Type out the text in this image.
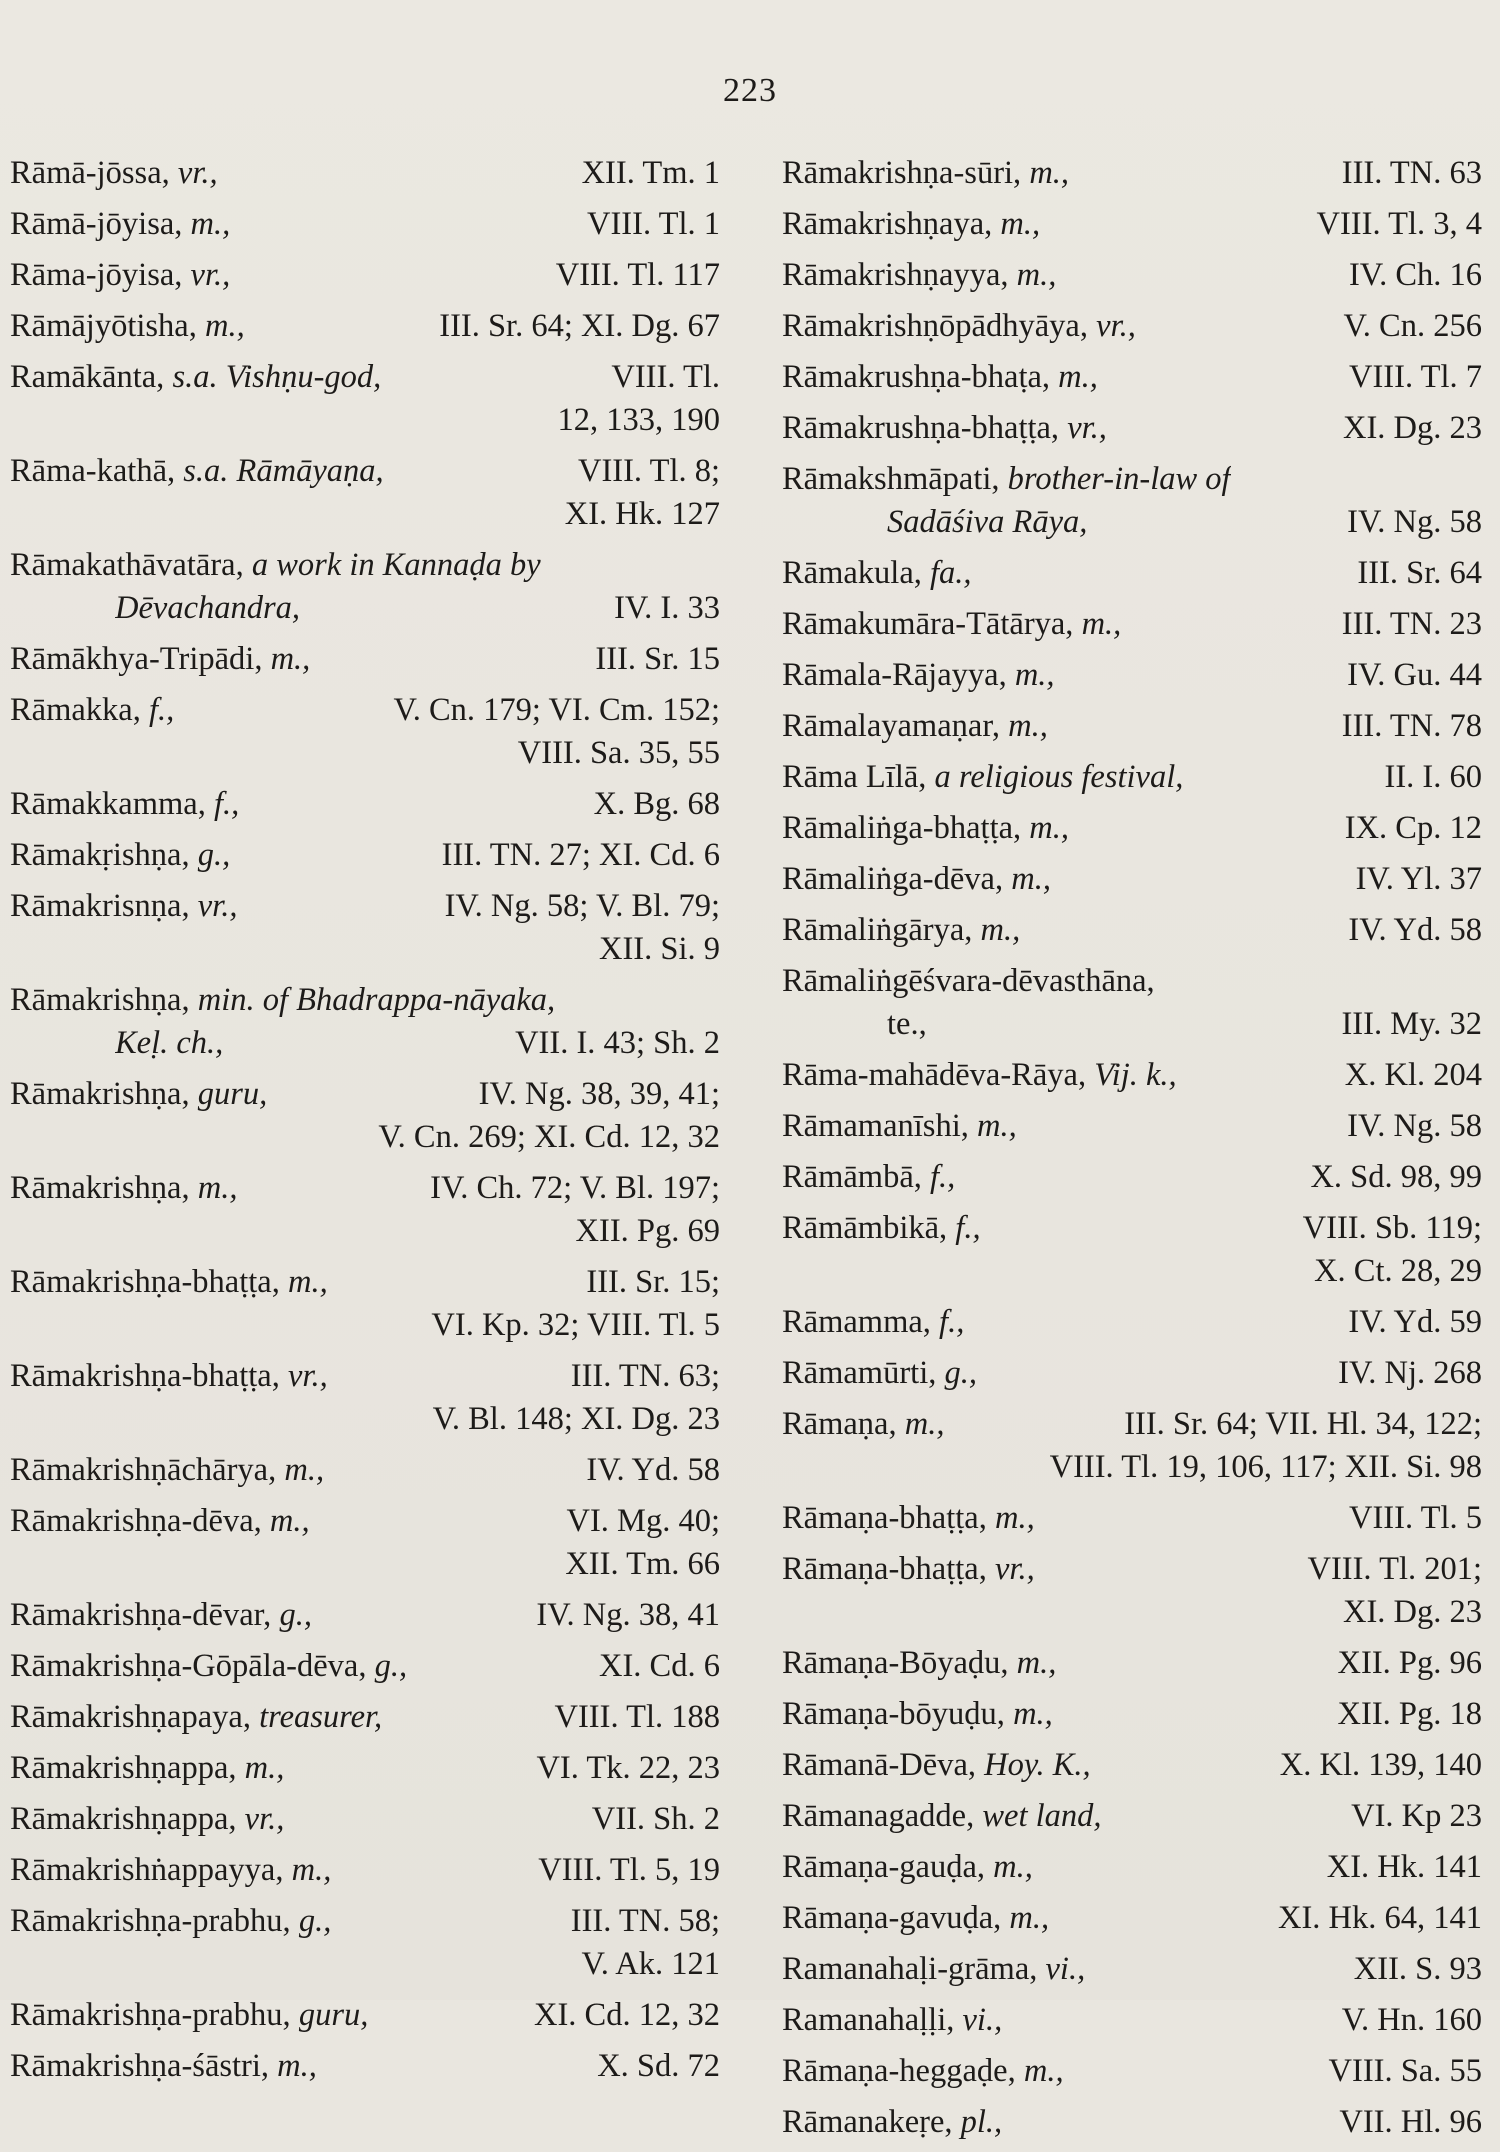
223
Rāmā-jōssa, vr.,	XII. Tm. 1
Rāmā-jōyisa, m.,	VIII. Tl. 1
Rāma-jōyisa, vr.,	VIII. Tl. 117
Rāmājyōtisha, m.,	III. Sr. 64; XI. Dg. 67
Ramākānta, s.a. Vishṇu-god,	VIII. Tl.
12, 133, 190
Rāma-kathā, s.a. Rāmāyaṇa,	VIII. Tl. 8;
XI. Hk. 127
Rāmakathāvatāra, a work in Kannaḍa by
Dēvachandra,	IV. I. 33
Rāmākhya-Tripādi, m.,	III. Sr. 15
Rāmakka, f.,	V. Cn. 179; VI. Cm. 152;
VIII. Sa. 35, 55
Rāmakkamma, f.,	X. Bg. 68
Rāmakṛishṇa, g.,	III. TN. 27; XI. Cd. 6
Rāmakrisnṇa, vr.,	IV. Ng. 58; V. Bl. 79;
XII. Si. 9
Rāmakrishṇa, min. of Bhadrappa-nāyaka,
Keḷ. ch.,	VII. I. 43; Sh. 2
Rāmakrishṇa, guru,	IV. Ng. 38, 39, 41;
V. Cn. 269; XI. Cd. 12, 32
Rāmakrishṇa, m.,	IV. Ch. 72; V. Bl. 197;
XII. Pg. 69
Rāmakrishṇa-bhaṭṭa, m.,	III. Sr. 15;
VI. Kp. 32; VIII. Tl. 5
Rāmakrishṇa-bhaṭṭa, vr.,	III. TN. 63;
V. Bl. 148; XI. Dg. 23
Rāmakrishṇāchārya, m.,	IV. Yd. 58
Rāmakrishṇa-dēva, m.,	VI. Mg. 40;
XII. Tm. 66
Rāmakrishṇa-dēvar, g.,	IV. Ng. 38, 41
Rāmakrishṇa-Gōpāla-dēva, g.,	XI. Cd. 6
Rāmakrishṇapaya, treasurer,	VIII. Tl. 188
Rāmakrishṇappa, m.,	VI. Tk. 22, 23
Rāmakrishṇappa, vr.,	VII. Sh. 2
Rāmakrishṅappayya, m.,	VIII. Tl. 5, 19
Rāmakrishṇa-prabhu, g.,	III. TN. 58;
V. Ak. 121
Rāmakrishṇa-prabhu, guru,	XI. Cd. 12, 32
Rāmakrishṇa-śāstri, m.,	X. Sd. 72
Rāmakrishṇa-sūri, m.,	III. TN. 63
Rāmakrishṇaya, m.,	VIII. Tl. 3, 4
Rāmakrishṇayya, m.,	IV. Ch. 16
Rāmakrishṇōpādhyāya, vr.,	V. Cn. 256
Rāmakrushṇa-bhaṭa, m.,	VIII. Tl. 7
Rāmakrushṇa-bhaṭṭa, vr.,	XI. Dg. 23
Rāmakshmāpati, brother-in-law of
Sadāśiva Rāya,	IV. Ng. 58
Rāmakula, fa.,	III. Sr. 64
Rāmakumāra-Tātārya, m.,	III. TN. 23
Rāmala-Rājayya, m.,	IV. Gu. 44
Rāmalayamaṇar, m.,	III. TN. 78
Rāma Līlā, a religious festival,	II. I. 60
Rāmaliṅga-bhaṭṭa, m.,	IX. Cp. 12
Rāmaliṅga-dēva, m.,	IV. Yl. 37
Rāmaliṅgārya, m.,	IV. Yd. 58
Rāmaliṅgēśvara-dēvasthāna,
te.,	III. My. 32
Rāma-mahādēva-Rāya, Vij. k.,	X. Kl. 204
Rāmamanīshi, m.,	IV. Ng. 58
Rāmāmbā, f.,	X. Sd. 98, 99
Rāmāmbikā, f.,	VIII. Sb. 119;
X. Ct. 28, 29
Rāmamma, f.,	IV. Yd. 59
Rāmamūrti, g.,	IV. Nj. 268
Rāmaṇa, m.,	III. Sr. 64; VII. Hl. 34, 122;
VIII. Tl. 19, 106, 117; XII. Si. 98
Rāmaṇa-bhaṭṭa, m.,	VIII. Tl. 5
Rāmaṇa-bhaṭṭa, vr.,	VIII. Tl. 201;
XI. Dg. 23
Rāmaṇa-Bōyaḍu, m.,	XII. Pg. 96
Rāmaṇa-bōyuḍu, m.,	XII. Pg. 18
Rāmanā-Dēva, Hoy. K.,	X. Kl. 139, 140
Rāmanagadde, wet land,	VI. Kp 23
Rāmaṇa-gauḍa, m.,	XI. Hk. 141
Rāmaṇa-gavuḍa, m.,	XI. Hk. 64, 141
Ramanahaḷi-grāma, vi.,	XII. S. 93
Ramanahaḷḷi, vi.,	V. Hn. 160
Rāmaṇa-heggaḍe, m.,	VIII. Sa. 55
Rāmanakeṛe, pl.,	VII. Hl. 96
